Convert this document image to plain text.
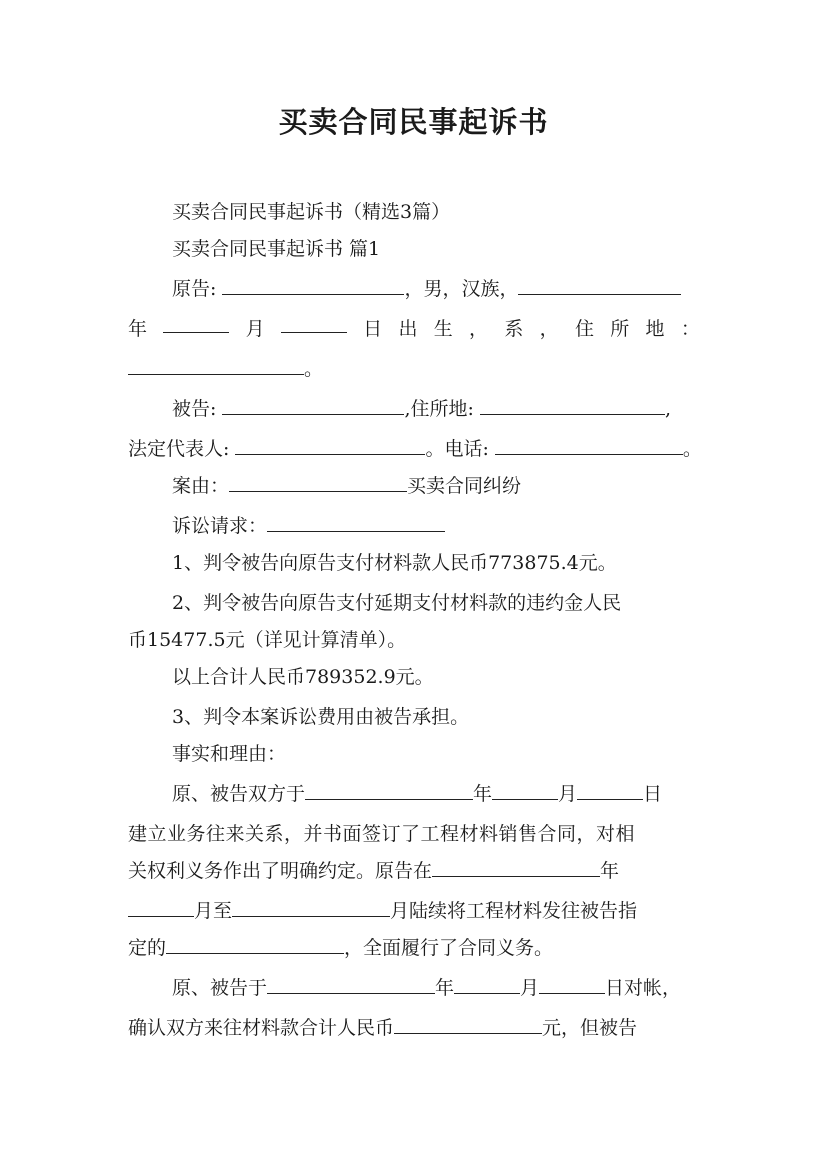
买卖合同民事起诉书
买卖合同民事起诉书（精选3篇）
买卖合同民事起诉书 篇1
原告:	，男，汉族，
年	月	日 出 生 ， 系 ， 住 所 地 ：
。
被告:	,住所地:	,
法定代表人:	。电话:	。
案由：	买卖合同纠纷
诉讼请求：
1、判令被告向原告支付材料款人民币773875.4元。
2、判令被告向原告支付延期支付材料款的违约金人民
币15477.5元（详见计算清单）。
以上合计人民币789352.9元。
3、判令本案诉讼费用由被告承担。
事实和理由：
原、被告双方于	年	月	日
建立业务往来关系，并书面签订了工程材料销售合同，对相
关权利义务作出了明确约定。原告在	年
月至	月陆续将工程材料发往被告指
定的	，全面履行了合同义务。
原、被告于	年	月	日对帐，
确认双方来往材料款合计人民币	元，但被告
